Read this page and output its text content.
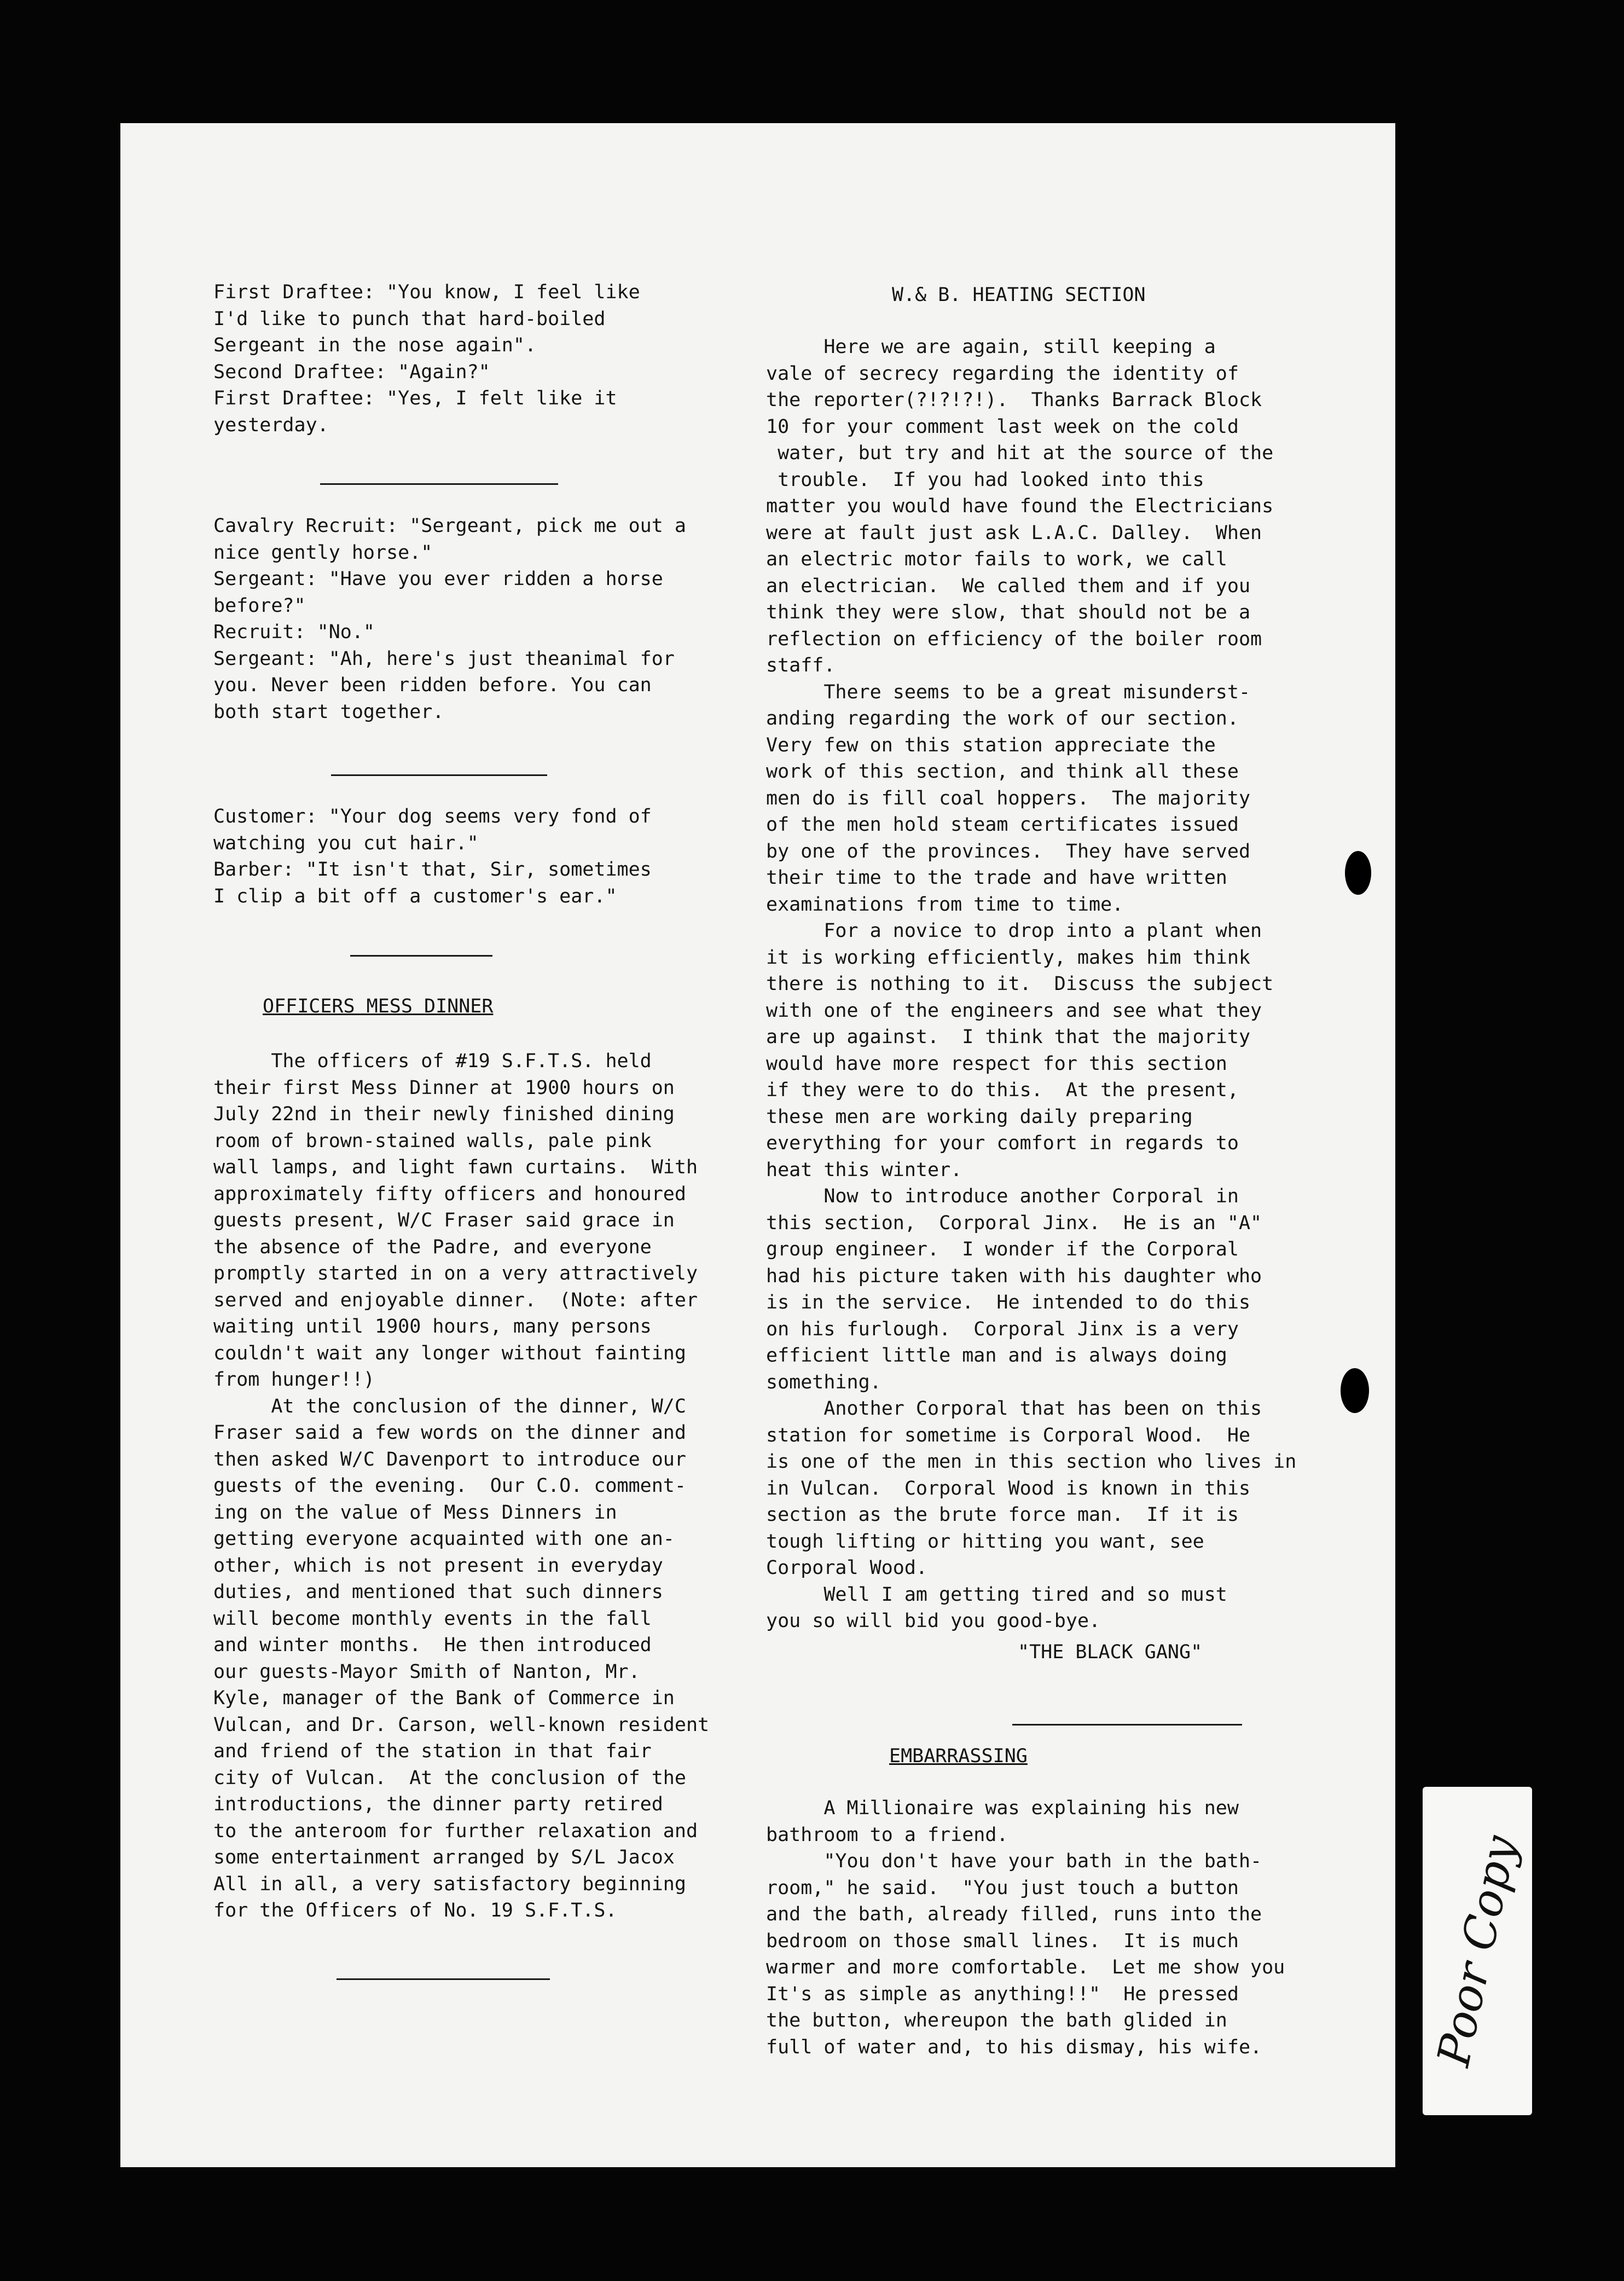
First Draftee: "You know, I feel like
I'd like to punch that hard-boiled
Sergeant in the nose again".
Second Draftee: "Again?"
First Draftee: "Yes, I felt like it
yesterday.
Cavalry Recruit: "Sergeant, pick me out a
nice gently horse."
Sergeant: "Have you ever ridden a horse
before?"
Recruit: "No."
Sergeant: "Ah, here's just theanimal for
you. Never been ridden before. You can
both start together.
Customer: "Your dog seems very fond of
watching you cut hair."
Barber: "It isn't that, Sir, sometimes
I clip a bit off a customer's ear."
OFFICERS MESS DINNER
The officers of #19 S.F.T.S. held
their first Mess Dinner at 1900 hours on
July 22nd in their newly finished dining
room of brown-stained walls, pale pink
wall lamps, and light fawn curtains.  With
approximately fifty officers and honoured
guests present, W/C Fraser said grace in
the absence of the Padre, and everyone
promptly started in on a very attractively
served and enjoyable dinner.  (Note: after
waiting until 1900 hours, many persons
couldn't wait any longer without fainting
from hunger!!)
At the conclusion of the dinner, W/C
Fraser said a few words on the dinner and
then asked W/C Davenport to introduce our
guests of the evening.  Our C.O. comment-
ing on the value of Mess Dinners in
getting everyone acquainted with one an-
other, which is not present in everyday
duties, and mentioned that such dinners
will become monthly events in the fall
and winter months.  He then introduced
our guests-Mayor Smith of Nanton, Mr.
Kyle, manager of the Bank of Commerce in
Vulcan, and Dr. Carson, well-known resident
and friend of the station in that fair
city of Vulcan.  At the conclusion of the
introductions, the dinner party retired
to the anteroom for further relaxation and
some entertainment arranged by S/L Jacox
All in all, a very satisfactory beginning
for the Officers of No. 19 S.F.T.S.
W.& B. HEATING SECTION
Here we are again, still keeping a
vale of secrecy regarding the identity of
the reporter(?!?!?!).  Thanks Barrack Block
10 for your comment last week on the cold
water, but try and hit at the source of the
trouble.  If you had looked into this
matter you would have found the Electricians
were at fault just ask L.A.C. Dalley.  When
an electric motor fails to work, we call
an electrician.  We called them and if you
think they were slow, that should not be a
reflection on efficiency of the boiler room
staff.
There seems to be a great misunderst-
anding regarding the work of our section.
Very few on this station appreciate the
work of this section, and think all these
men do is fill coal hoppers.  The majority
of the men hold steam certificates issued
by one of the provinces.  They have served
their time to the trade and have written
examinations from time to time.
For a novice to drop into a plant when
it is working efficiently, makes him think
there is nothing to it.  Discuss the subject
with one of the engineers and see what they
are up against.  I think that the majority
would have more respect for this section
if they were to do this.  At the present,
these men are working daily preparing
everything for your comfort in regards to
heat this winter.
Now to introduce another Corporal in
this section,  Corporal Jinx.  He is an "A"
group engineer.  I wonder if the Corporal
had his picture taken with his daughter who
is in the service.  He intended to do this
on his furlough.  Corporal Jinx is a very
efficient little man and is always doing
something.
Another Corporal that has been on this
station for sometime is Corporal Wood.  He
is one of the men in this section who lives in
in Vulcan.  Corporal Wood is known in this
section as the brute force man.  If it is
tough lifting or hitting you want, see
Corporal Wood.
Well I am getting tired and so must
you so will bid you good-bye.
"THE BLACK GANG"
EMBARRASSING
A Millionaire was explaining his new
bathroom to a friend.
"You don't have your bath in the bath-
room," he said.  "You just touch a button
and the bath, already filled, runs into the
bedroom on those small lines.  It is much
warmer and more comfortable.  Let me show you
It's as simple as anything!!"  He pressed
the button, whereupon the bath glided in
full of water and, to his dismay, his wife.	Poor Copy
